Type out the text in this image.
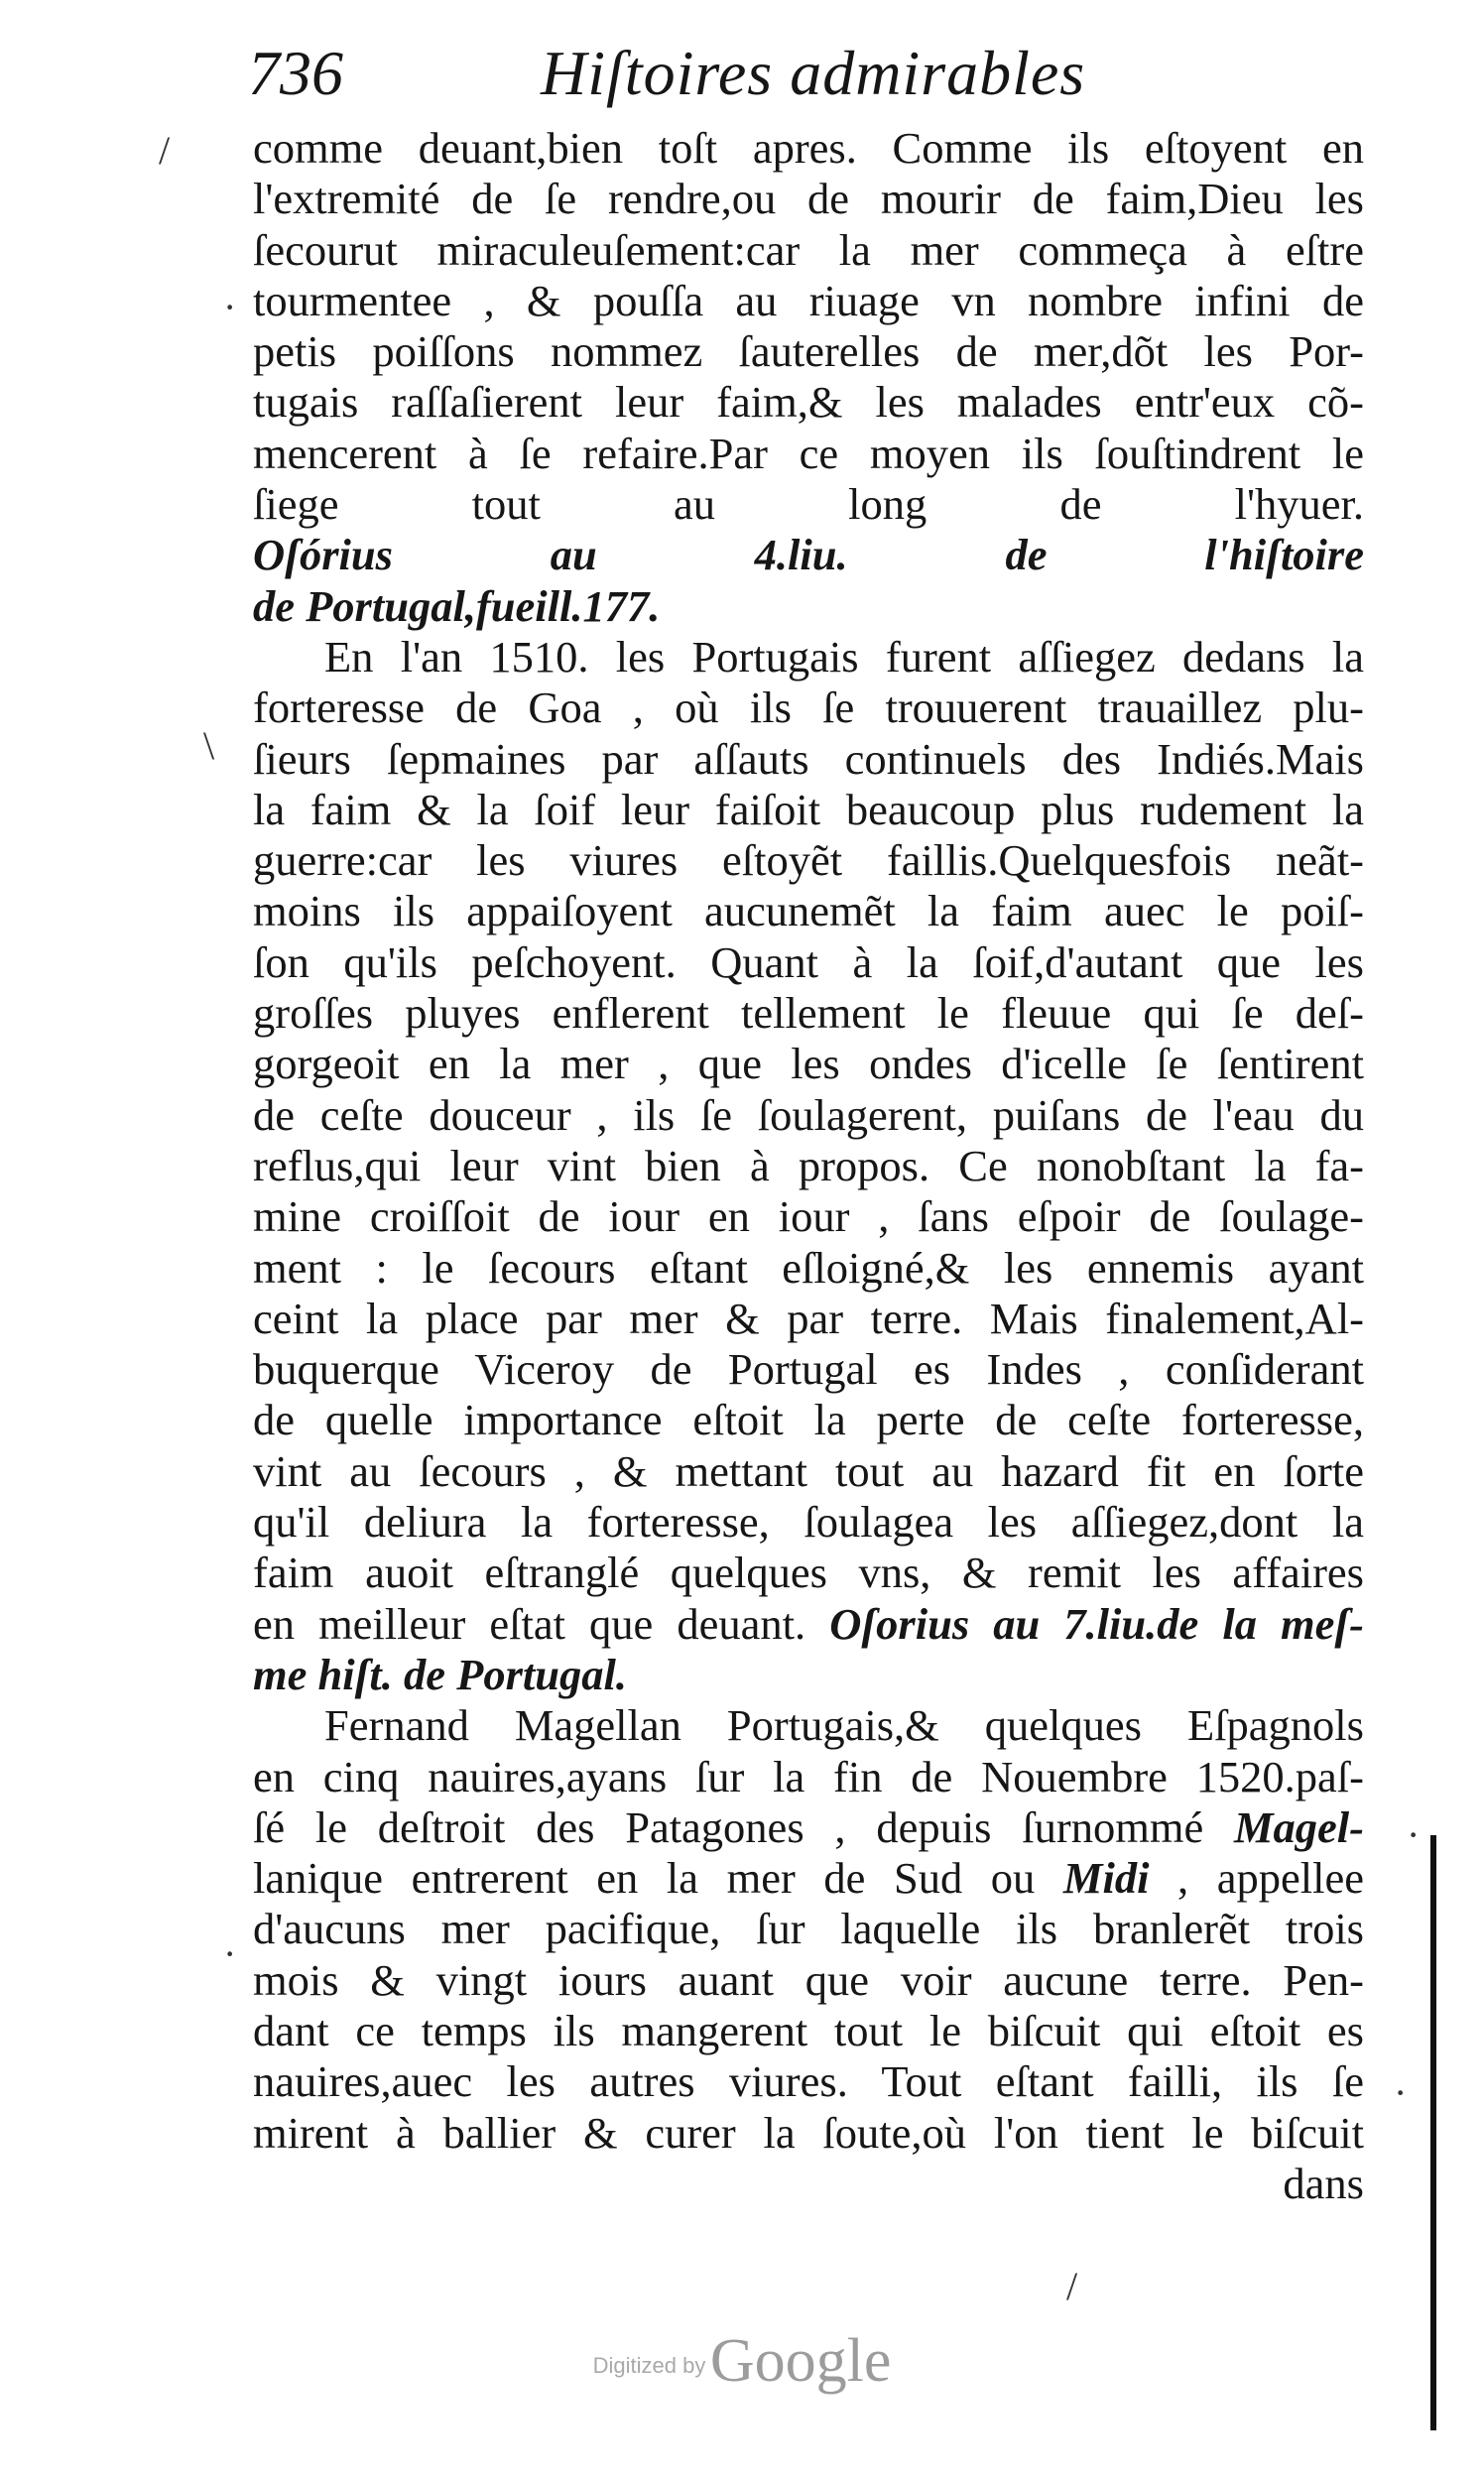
736	Hiſtoires admirables
/
·
\
·
·
·
/
comme deuant,bien toſt apres. Comme ils eſtoyent en
l'extremité de ſe rendre,ou de mourir de faim,Dieu les
ſecourut miraculeuſement:car la mer commeça à eſtre
tourmentee , & pouſſa au riuage vn nombre infini de
petis poiſſons nommez ſauterelles de mer,dõt les Por-
tugais raſſaſierent leur faim,& les malades entr'eux cõ-
mencerent à ſe refaire.Par ce moyen ils ſouſtindrent le
ſiege tout au long de l'hyuer.
Oſórius au 4.liu. de l'hiſtoire
de Portugal,fueill.177.
En l'an 1510. les Portugais furent aſſiegez dedans la
forteresse de Goa , où ils ſe trouuerent trauaillez plu-
ſieurs ſepmaines par aſſauts continuels des Indiés.Mais
la faim & la ſoif leur faiſoit beaucoup plus rudement la
guerre:car les viures eſtoyẽt faillis.Quelquesfois neãt-
moins ils appaiſoyent aucunemẽt la faim auec le poiſ-
ſon qu'ils peſchoyent. Quant à la ſoif,d'autant que les
groſſes pluyes enflerent tellement le fleuue qui ſe deſ-
gorgeoit en la mer , que les ondes d'icelle ſe ſentirent
de ceſte douceur , ils ſe ſoulagerent, puiſans de l'eau du
reflus,qui leur vint bien à propos. Ce nonobſtant la fa-
mine croiſſoit de iour en iour , ſans eſpoir de ſoulage-
ment : le ſecours eſtant eſloigné,& les ennemis ayant
ceint la place par mer & par terre. Mais finalement,Al-
buquerque Viceroy de Portugal es Indes , conſiderant
de quelle importance eſtoit la perte de ceſte forteresse,
vint au ſecours , & mettant tout au hazard fit en ſorte
qu'il deliura la forteresse, ſoulagea les aſſiegez,dont la
faim auoit eſtranglé quelques vns, & remit les affaires
en meilleur eſtat que deuant. Oſorius au 7.liu.de la meſ-
me hiſt. de Portugal.
Fernand Magellan Portugais,& quelques Eſpagnols
en cinq nauires,ayans ſur la fin de Nouembre 1520.paſ-
ſé le deſtroit des Patagones , depuis ſurnommé Magel-
lanique entrerent en la mer de Sud ou Midi , appellee
d'aucuns mer pacifique, ſur laquelle ils branlerẽt trois
mois & vingt iours auant que voir aucune terre. Pen-
dant ce temps ils mangerent tout le biſcuit qui eſtoit es
nauires,auec les autres viures. Tout eſtant failli, ils ſe
mirent à ballier & curer la ſoute,où l'on tient le biſcuit
dans
Digitized by Google
